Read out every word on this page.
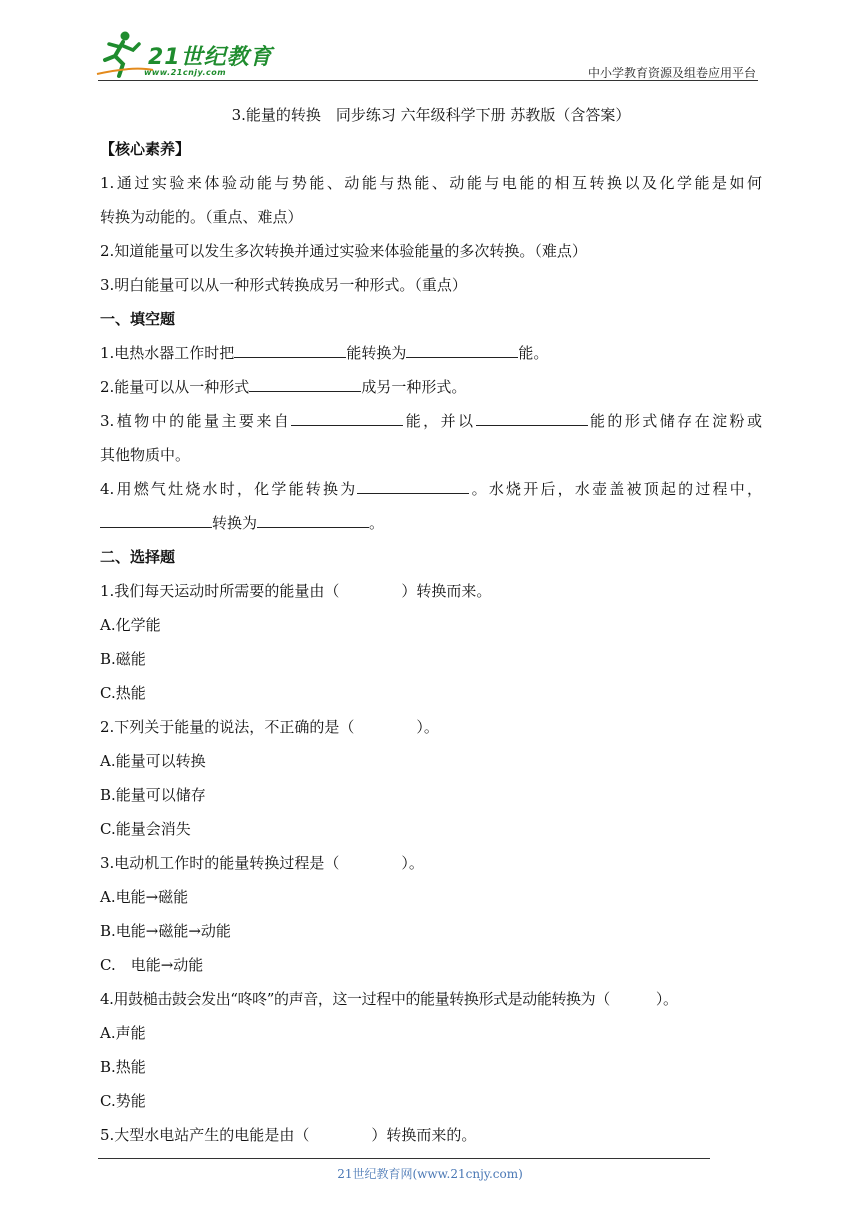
21世纪教育
www.21cnjy.com	中小学教育资源及组卷应用平台
3.能量的转换　同步练习 六年级科学下册 苏教版（含答案）
【核心素养】
1.通过实验来体验动能与势能、动能与热能、动能与电能的相互转换以及化学能是如何
转换为动能的。（重点、难点）
2.知道能量可以发生多次转换并通过实验来体验能量的多次转换。（难点）
3.明白能量可以从一种形式转换成另一种形式。（重点）
一、填空题
1.电热水器工作时把	能转换为	能。
2.能量可以从一种形式	成另一种形式。
3.植物中的能量主要来自	能，并以	能的形式储存在淀粉或
其他物质中。
4.用燃气灶烧水时，化学能转换为	。水烧开后，水壶盖被顶起的过程中，
转换为	。
二、选择题
1.我们每天运动时所需要的能量由（	）转换而来。
A.化学能
B.磁能
C.热能
2.下列关于能量的说法，不正确的是（	）。
A.能量可以转换
B.能量可以储存
C.能量会消失
3.电动机工作时的能量转换过程是（	）。
A.电能→磁能
B.电能→磁能→动能
C.　电能→动能
4.用鼓槌击鼓会发出“咚咚”的声音，这一过程中的能量转换形式是动能转换为（	）。
A.声能
B.热能
C.势能
5.大型水电站产生的电能是由（	）转换而来的。
21世纪教育网(www.21cnjy.com)
